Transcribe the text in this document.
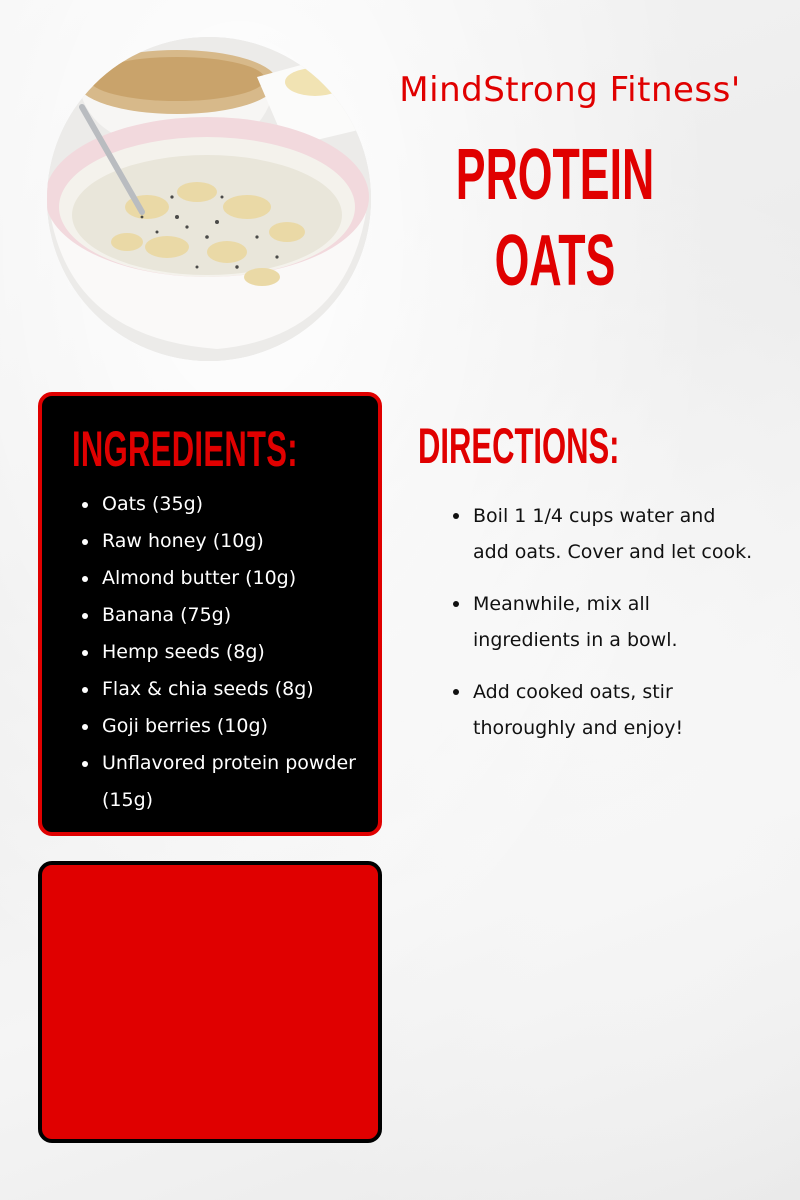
MindStrong Fitness'
PROTEIN
OATS
INGREDIENTS:
Oats (35g)
Raw honey (10g)
Almond butter (10g)
Banana (75g)
Hemp seeds (8g)
Flax & chia seeds (8g)
Goji berries (10g)
Unflavored protein powder (15g)
DIRECTIONS:
Boil 1 1/4 cups water and add oats. Cover and let cook.
Meanwhile, mix all ingredients in a bowl.
Add cooked oats, stir thoroughly and enjoy!
